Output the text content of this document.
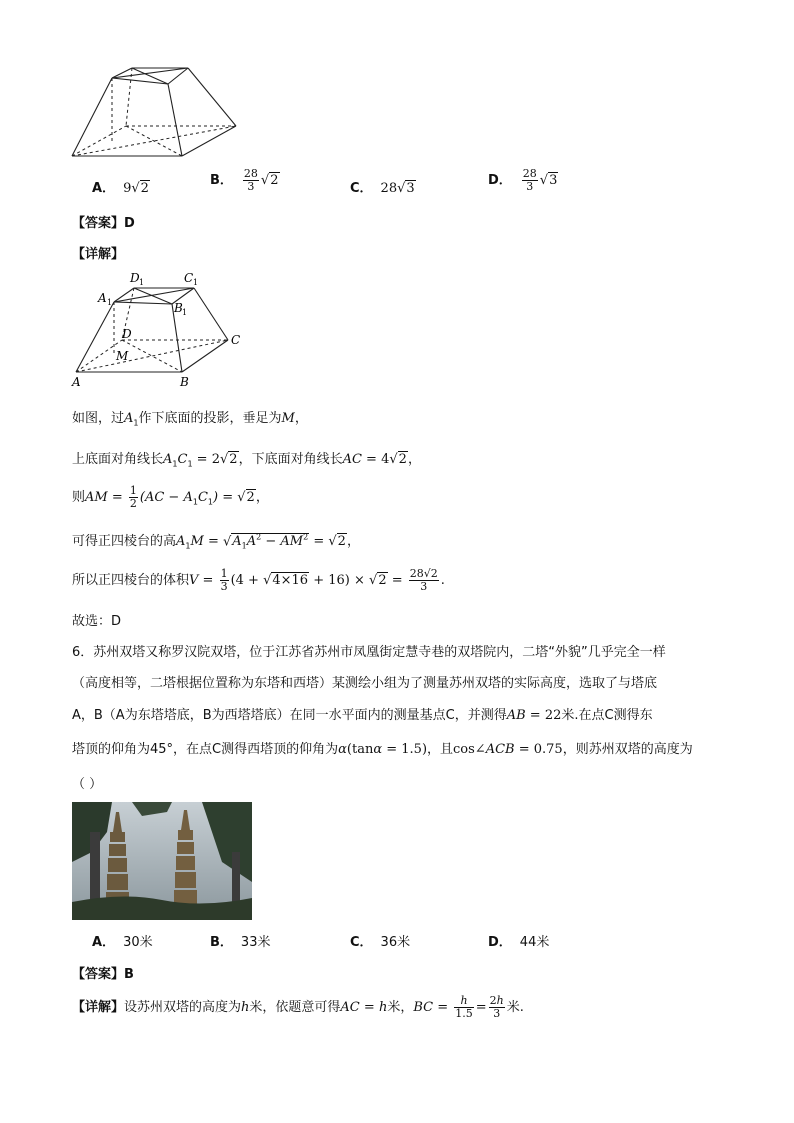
A． 9√2
B． $\frac{28}{3} √2$
C． 28√3
D． $\frac{28}{3} √3$
【答案】D
【详解】
D 1	C 1
A 1	B 1
D	C
M
A	B
如图，过$A_1$作下底面的投影，垂足为M，
上底面对角线长$A_1C_1 = 2√2$，下底面对角线长AC = 4√2，
则AM = $\frac{1}{2} (AC - A_1C_1) = √2$，
可得正四棱台的高$A_1M = √A_1A^2 - AM^2 = √2$，
所以正四棱台的体积$V = \frac{1}{3} (4 + √4\times 16 + 16) \times √2 = \frac{28√2}{3}$ .
故选：D
6．苏州双塔又称罗汉院双塔，位于江苏省苏州市凤凰街定慧寺巷的双塔院内，二塔“外貌”几乎完全一样
（高度相等，二塔根据位置称为东塔和西塔）某测绘小组为了测量苏州双塔的实际高度，选取了与塔底
A，B（A为东塔塔底，B为西塔塔底）在同一水平面内的测量基点C，并测得AB = 22米.在点C测得东
塔顶的仰角为45°，在点C测得西塔顶的仰角为α(tanα = 1.5)，且cos∠ACB = 0.75，则苏州双塔的高度为
（ ）
A． 30米	B． 33米	C． 36米	D． 44米
【答案】B
【详解】设苏州双塔的高度为h米，依题意可得AC = h米，BC = $\frac{h}{1.5} = \frac{2h}{3}$ 米.
